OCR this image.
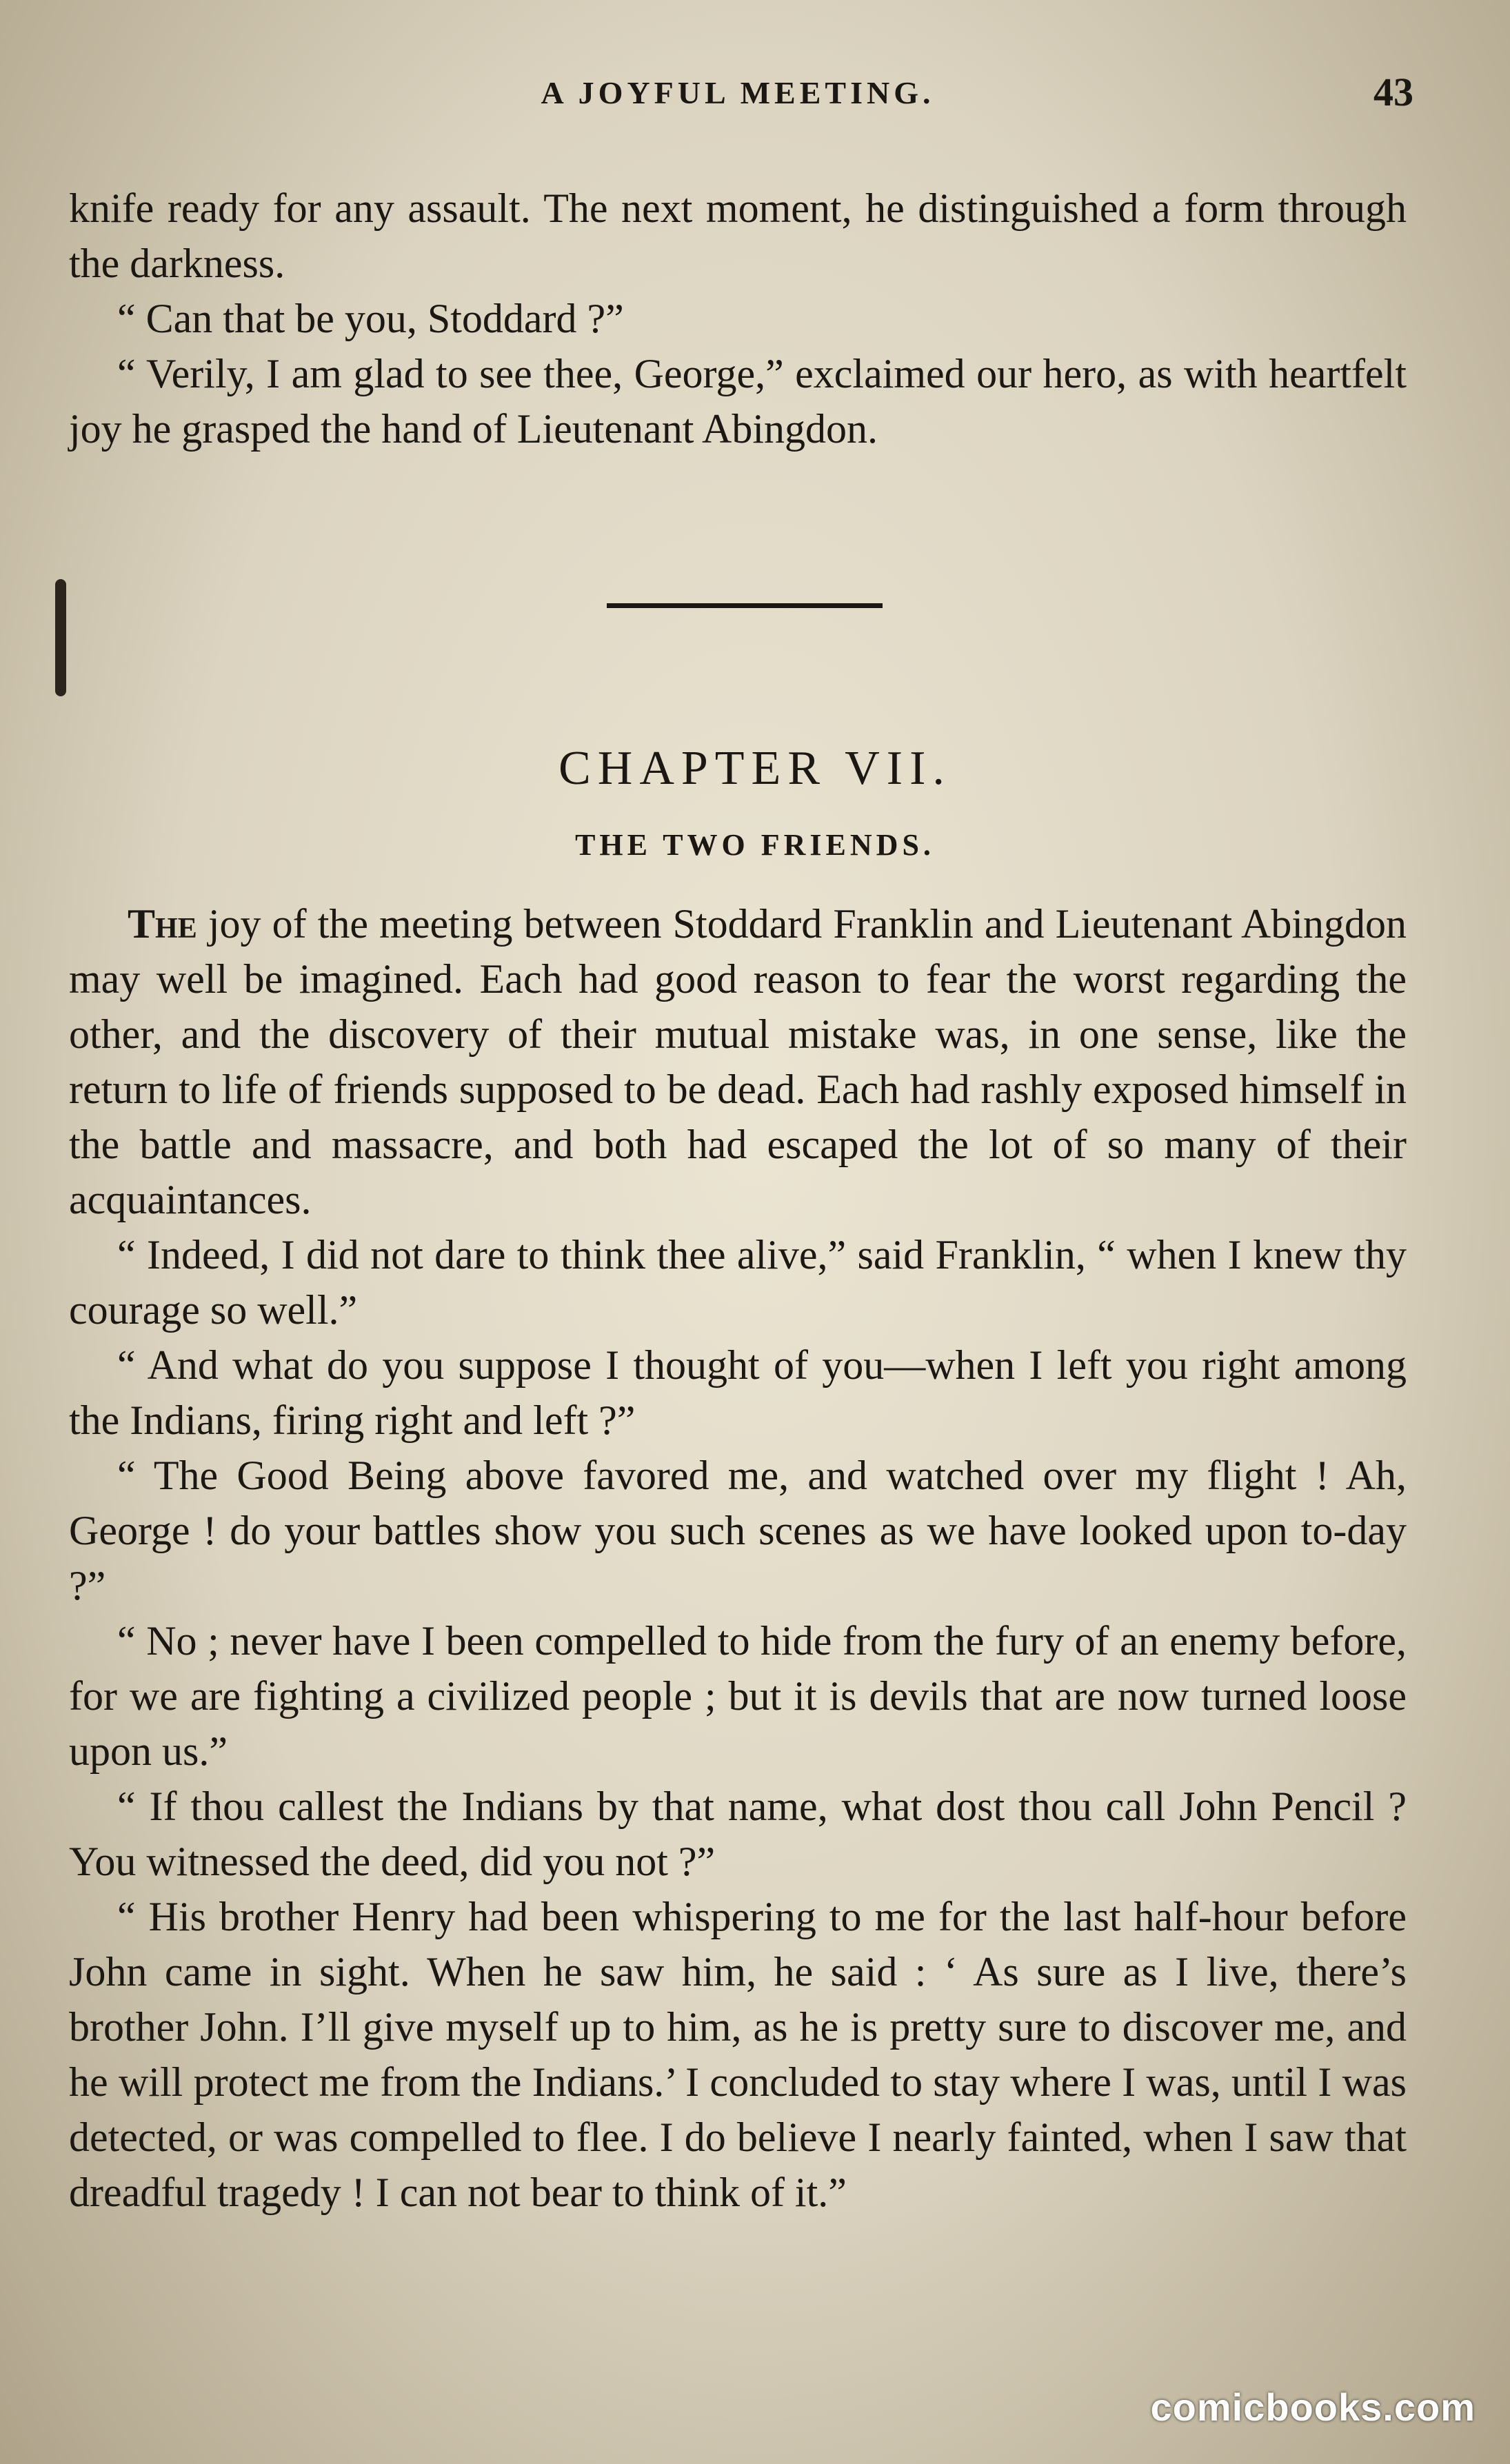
A JOYFUL MEETING.	43

knife ready for any assault. The next moment, he distinguished a form through the darkness.

“ Can that be you, Stoddard ?”

“ Verily, I am glad to see thee, George,” exclaimed our hero, as with heartfelt joy he grasped the hand of Lieutenant Abingdon.

CHAPTER VII.
THE TWO FRIENDS.

The joy of the meeting between Stoddard Franklin and Lieutenant Abingdon may well be imagined. Each had good reason to fear the worst regarding the other, and the discovery of their mutual mistake was, in one sense, like the return to life of friends supposed to be dead. Each had rashly exposed himself in the battle and massacre, and both had escaped the lot of so many of their acquaintances.

“ Indeed, I did not dare to think thee alive,” said Franklin, “ when I knew thy courage so well.”

“ And what do you suppose I thought of you—when I left you right among the Indians, firing right and left ?”

“ The Good Being above favored me, and watched over my flight ! Ah, George ! do your battles show you such scenes as we have looked upon to-day ?”

“ No ; never have I been compelled to hide from the fury of an enemy before, for we are fighting a civilized people ; but it is devils that are now turned loose upon us.”

“ If thou callest the Indians by that name, what dost thou call John Pencil ? You witnessed the deed, did you not ?”

“ His brother Henry had been whispering to me for the last half-hour before John came in sight. When he saw him, he said : ‘ As sure as I live, there’s brother John. I’ll give myself up to him, as he is pretty sure to discover me, and he will protect me from the Indians.’ I concluded to stay where I was, until I was detected, or was compelled to flee. I do believe I nearly fainted, when I saw that dreadful tragedy ! I can not bear to think of it.”

comicbooks.com
